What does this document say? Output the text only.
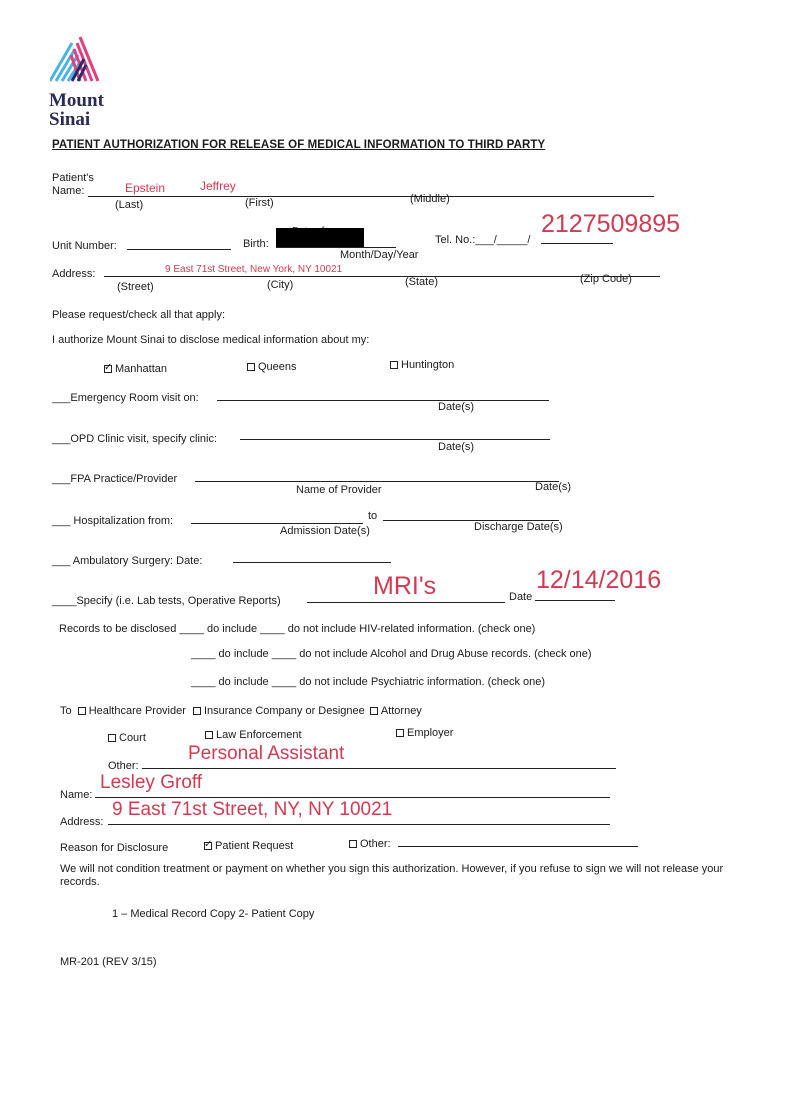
Mount
Sinai
PATIENT AUTHORIZATION FOR RELEASE OF MEDICAL INFORMATION TO THIRD PARTY
Patient's
Name:	Epstein	Jeffrey
(Last)	(First)	(Middle)
Unit Number:	Birth:
Month/Day/Year
Tel. No.:___/_____/
2127509895
Address:	9 East 71st Street, New York, NY 10021
(Street)	(City)	(State)	(Zip Code)
Please request/check all that apply:
I authorize Mount Sinai to disclose medical information about my:
✓Manhattan	Queens	Huntington
___Emergency Room visit on:
Date(s)
___OPD Clinic visit, specify clinic:
Date(s)
___FPA Practice/Provider
Name of Provider	Date(s)
___ Hospitalization from:	to
Admission Date(s)	Discharge Date(s)
___ Ambulatory Surgery: Date:
____Specify (i.e. Lab tests, Operative Reports)
MRI's	Date
12/14/2016
Records to be disclosed ____ do include ____ do not include HIV-related information. (check one)
____ do include ____ do not include Alcohol and Drug Abuse records. (check one)
____ do include ____ do not include Psychiatric information. (check one)
To Healthcare Provider Insurance Company or Designee Attorney
Court	Law Enforcement	Employer
Other:
Personal Assistant
Name:
Lesley Groff
Address:
9 East 71st Street, NY, NY 10021
Reason for Disclosure
✓	Patient Request	Other:
We will not condition treatment or payment on whether you sign this authorization. However, if you refuse to sign we will not release your records.
1 – Medical Record Copy 2- Patient Copy
MR-201 (REV 3/15)
